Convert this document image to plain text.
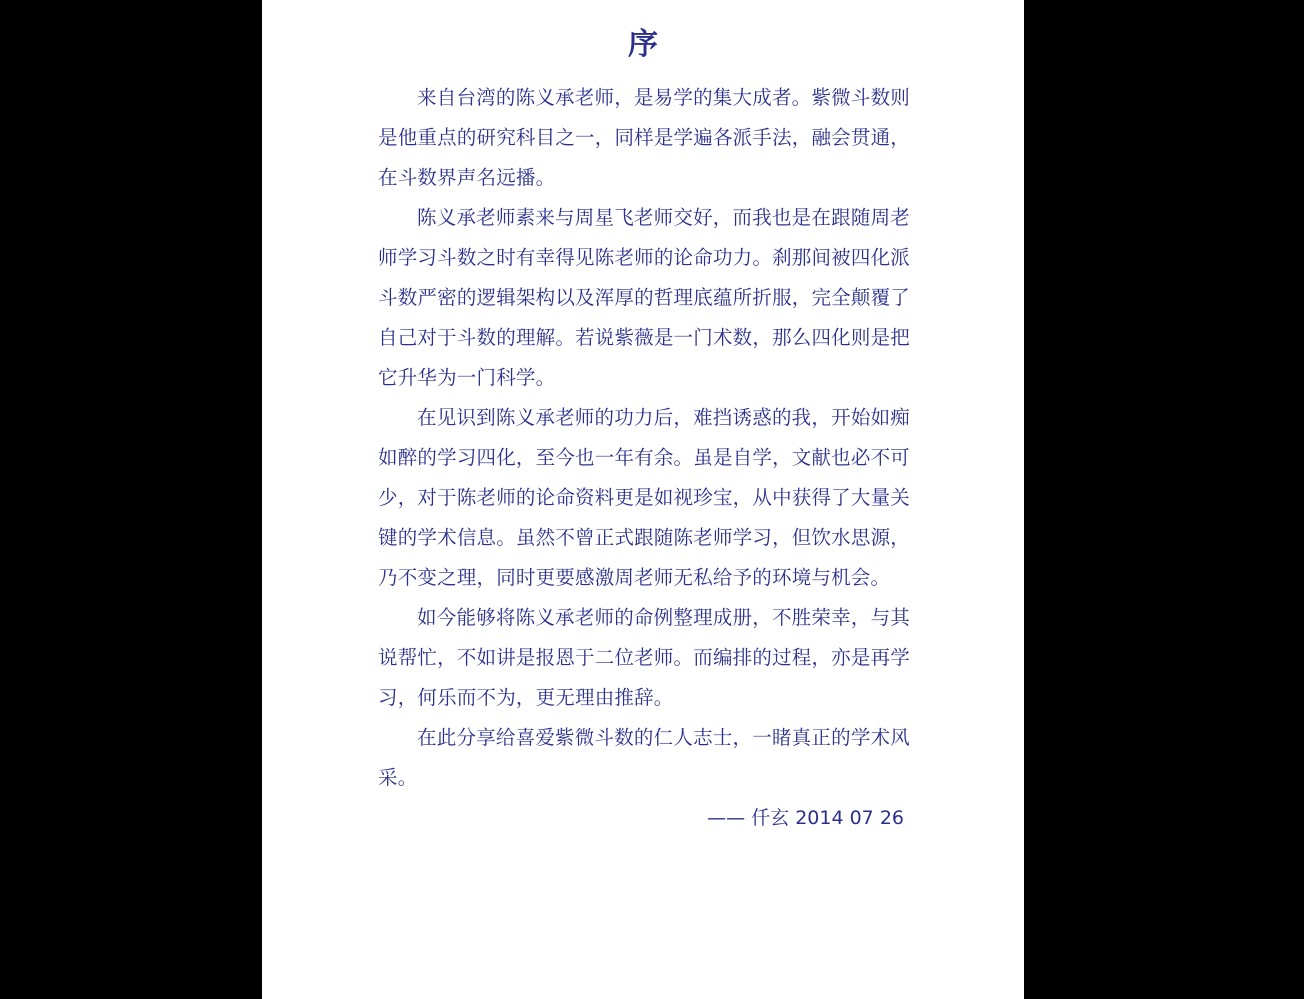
序

来自台湾的陈义承老师，是易学的集大成者。紫微斗数则是他重点的研究科目之一，同样是学遍各派手法，融会贯通，在斗数界声名远播。

陈义承老师素来与周星飞老师交好，而我也是在跟随周老师学习斗数之时有幸得见陈老师的论命功力。刹那间被四化派斗数严密的逻辑架构以及浑厚的哲理底蕴所折服，完全颠覆了自己对于斗数的理解。若说紫薇是一门术数，那么四化则是把它升华为一门科学。

在见识到陈义承老师的功力后，难挡诱惑的我，开始如痴如醉的学习四化，至今也一年有余。虽是自学，文献也必不可少，对于陈老师的论命资料更是如视珍宝，从中获得了大量关键的学术信息。虽然不曾正式跟随陈老师学习，但饮水思源，乃不变之理，同时更要感激周老师无私给予的环境与机会。

如今能够将陈义承老师的命例整理成册，不胜荣幸，与其说帮忙，不如讲是报恩于二位老师。而编排的过程，亦是再学习，何乐而不为，更无理由推辞。

在此分享给喜爱紫微斗数的仁人志士，一睹真正的学术风采。

—— 仟玄 2014 07 26
